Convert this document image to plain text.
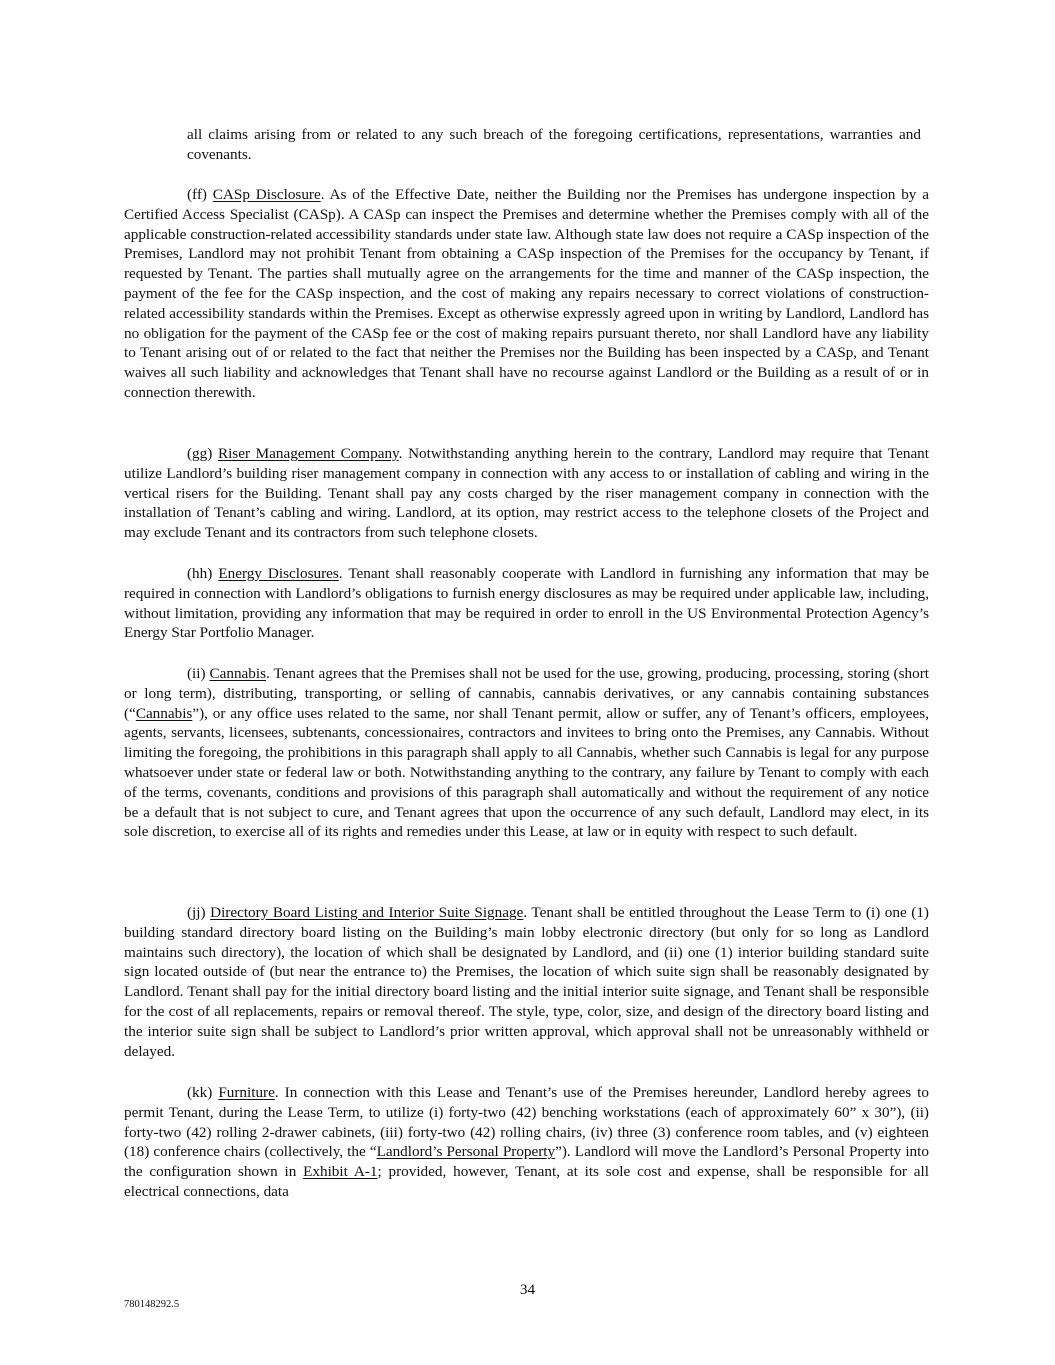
all claims arising from or related to any such breach of the foregoing certifications, representations, warranties and covenants.

(ff) CASp Disclosure. As of the Effective Date, neither the Building nor the Premises has undergone inspection by a Certified Access Specialist (CASp). A CASp can inspect the Premises and determine whether the Premises comply with all of the applicable construction-related accessibility standards under state law. Although state law does not require a CASp inspection of the Premises, Landlord may not prohibit Tenant from obtaining a CASp inspection of the Premises for the occupancy by Tenant, if requested by Tenant. The parties shall mutually agree on the arrangements for the time and manner of the CASp inspection, the payment of the fee for the CASp inspection, and the cost of making any repairs necessary to correct violations of construction-related accessibility standards within the Premises. Except as otherwise expressly agreed upon in writing by Landlord, Landlord has no obligation for the payment of the CASp fee or the cost of making repairs pursuant thereto, nor shall Landlord have any liability to Tenant arising out of or related to the fact that neither the Premises nor the Building has been inspected by a CASp, and Tenant waives all such liability and acknowledges that Tenant shall have no recourse against Landlord or the Building as a result of or in connection therewith.

(gg) Riser Management Company. Notwithstanding anything herein to the contrary, Landlord may require that Tenant utilize Landlord’s building riser management company in connection with any access to or installation of cabling and wiring in the vertical risers for the Building. Tenant shall pay any costs charged by the riser management company in connection with the installation of Tenant’s cabling and wiring. Landlord, at its option, may restrict access to the telephone closets of the Project and may exclude Tenant and its contractors from such telephone closets.

(hh) Energy Disclosures. Tenant shall reasonably cooperate with Landlord in furnishing any information that may be required in connection with Landlord’s obligations to furnish energy disclosures as may be required under applicable law, including, without limitation, providing any information that may be required in order to enroll in the US Environmental Protection Agency’s Energy Star Portfolio Manager.

(ii) Cannabis. Tenant agrees that the Premises shall not be used for the use, growing, producing, processing, storing (short or long term), distributing, transporting, or selling of cannabis, cannabis derivatives, or any cannabis containing substances (“Cannabis”), or any office uses related to the same, nor shall Tenant permit, allow or suffer, any of Tenant’s officers, employees, agents, servants, licensees, subtenants, concessionaires, contractors and invitees to bring onto the Premises, any Cannabis. Without limiting the foregoing, the prohibitions in this paragraph shall apply to all Cannabis, whether such Cannabis is legal for any purpose whatsoever under state or federal law or both. Notwithstanding anything to the contrary, any failure by Tenant to comply with each of the terms, covenants, conditions and provisions of this paragraph shall automatically and without the requirement of any notice be a default that is not subject to cure, and Tenant agrees that upon the occurrence of any such default, Landlord may elect, in its sole discretion, to exercise all of its rights and remedies under this Lease, at law or in equity with respect to such default.

(jj) Directory Board Listing and Interior Suite Signage. Tenant shall be entitled throughout the Lease Term to (i) one (1) building standard directory board listing on the Building’s main lobby electronic directory (but only for so long as Landlord maintains such directory), the location of which shall be designated by Landlord, and (ii) one (1) interior building standard suite sign located outside of (but near the entrance to) the Premises, the location of which suite sign shall be reasonably designated by Landlord. Tenant shall pay for the initial directory board listing and the initial interior suite signage, and Tenant shall be responsible for the cost of all replacements, repairs or removal thereof. The style, type, color, size, and design of the directory board listing and the interior suite sign shall be subject to Landlord’s prior written approval, which approval shall not be unreasonably withheld or delayed.

(kk) Furniture. In connection with this Lease and Tenant’s use of the Premises hereunder, Landlord hereby agrees to permit Tenant, during the Lease Term, to utilize (i) forty-two (42) benching workstations (each of approximately 60” x 30”), (ii) forty-two (42) rolling 2-drawer cabinets, (iii) forty-two (42) rolling chairs, (iv) three (3) conference room tables, and (v) eighteen (18) conference chairs (collectively, the “Landlord’s Personal Property”). Landlord will move the Landlord’s Personal Property into the configuration shown in Exhibit A-1; provided, however, Tenant, at its sole cost and expense, shall be responsible for all electrical connections, data

34

780148292.5
